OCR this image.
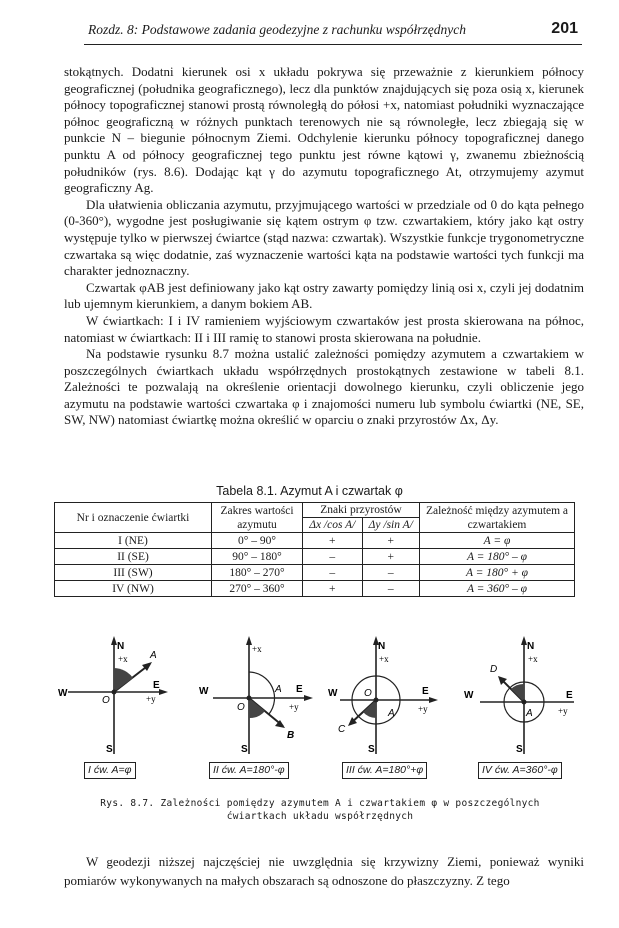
Rozdz. 8: Podstawowe zadania geodezyjne z rachunku współrzędnych	201

stokątnych. Dodatni kierunek osi x układu pokrywa się przeważnie z kierunkiem północy geograficznej (południka geograficznego), lecz dla punktów znajdujących się poza osią x, kierunek północy topograficznej stanowi prostą równoległą do półosi +x, natomiast południki wyznaczające północ geograficzną w różnych punktach terenowych nie są równoległe, lecz zbiegają się w punkcie N – biegunie północnym Ziemi. Odchylenie kierunku północy topograficznej danego punktu A od północy geograficznej tego punktu jest równe kątowi γ, zwanemu zbieżnością południków (rys. 8.6). Dodając kąt γ do azymutu topograficznego At, otrzymujemy azymut geograficzny Ag.

Dla ułatwienia obliczania azymutu, przyjmującego wartości w przedziale od 0 do kąta pełnego (0-360°), wygodne jest posługiwanie się kątem ostrym φ tzw. czwartakiem, który jako kąt ostry występuje tylko w pierwszej ćwiartce (stąd nazwa: czwartak). Wszystkie funkcje trygonometryczne czwartaka są więc dodatnie, zaś wyznaczenie wartości kąta na podstawie wartości tych funkcji ma charakter jednoznaczny.

Czwartak φAB jest definiowany jako kąt ostry zawarty pomiędzy linią osi x, czyli jej dodatnim lub ujemnym kierunkiem, a danym bokiem AB.

W ćwiartkach: I i IV ramieniem wyjściowym czwartaków jest prosta skierowana na północ, natomiast w ćwiartkach: II i III ramię to stanowi prosta skierowana na południe.

Na podstawie rysunku 8.7 można ustalić zależności pomiędzy azymutem a czwartakiem w poszczególnych ćwiartkach układu współrzędnych prostokątnych zestawione w tabeli 8.1. Zależności te pozwalają na określenie orientacji dowolnego kierunku, czyli obliczenie jego azymutu na podstawie wartości czwartaka φ i znajomości numeru lub symbolu ćwiartki (NE, SE, SW, NW) natomiast ćwiartkę można określić w oparciu o znaki przyrostów Δx, Δy.

Tabela 8.1. Azymut A i czwartak φ
Nr i oznaczenie ćwiartki	Zakres wartości azymutu	Znaki przyrostów		Zależność między azymutem a czwartakiem
		Δx /cos A/	Δy /sin A/	
I (NE)	0° – 90°	+	+	A = φ
II (SE)	90° – 180°	–	+	A = 180° – φ
III (SW)	180° – 270°	–	–	A = 180° + φ
IV (NW)	270° – 360°	+	–	A = 360° – φ
N
+x
W
E
+y
O
A
S
I ćw. A=φ
+x
W	A E
+y
O
B
S
II ćw. A=180°-φ
N
+x
W	O	E
+y
A
C
S
III ćw. A=180°+φ
N
+x
D
W	E
+y
A
S
IV ćw. A=360°-φ
Rys. 8.7. Zależności pomiędzy azymutem A i czwartakiem φ w poszczególnych ćwiartkach układu współrzędnych

W geodezji niższej najczęściej nie uwzględnia się krzywizny Ziemi, ponieważ wyniki pomiarów wykonywanych na małych obszarach są odnoszone do płaszczyzny. Z tego
